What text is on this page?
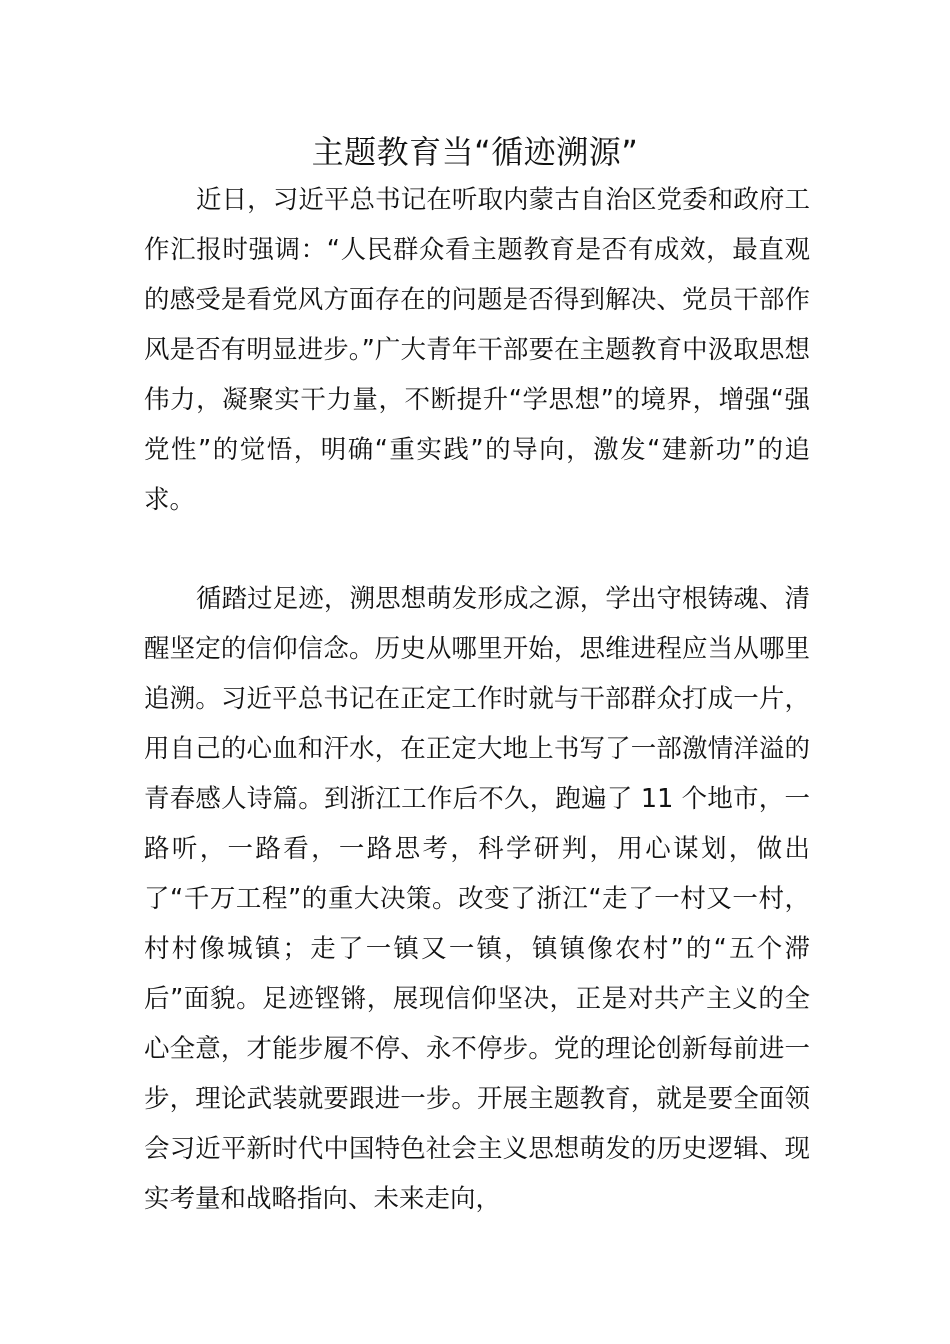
主题教育当“循迹溯源”

近日，习近平总书记在听取内蒙古自治区党委和政府工作汇报时强调：“人民群众看主题教育是否有成效，最直观的感受是看党风方面存在的问题是否得到解决、党员干部作风是否有明显进步。”广大青年干部要在主题教育中汲取思想伟力，凝聚实干力量，不断提升“学思想”的境界，增强“强党性”的觉悟，明确“重实践”的导向，激发“建新功”的追求。

循踏过足迹，溯思想萌发形成之源，学出守根铸魂、清醒坚定的信仰信念。历史从哪里开始，思维进程应当从哪里追溯。习近平总书记在正定工作时就与干部群众打成一片，用自己的心血和汗水，在正定大地上书写了一部激情洋溢的青春感人诗篇。到浙江工作后不久，跑遍了 11 个地市，一路听，一路看，一路思考，科学研判，用心谋划，做出了“千万工程”的重大决策。改变了浙江“走了一村又一村，村村像城镇；走了一镇又一镇，镇镇像农村”的“五个滞后”面貌。足迹铿锵，展现信仰坚决，正是对共产主义的全心全意，才能步履不停、永不停步。党的理论创新每前进一步，理论武装就要跟进一步。开展主题教育，就是要全面领会习近平新时代中国特色社会主义思想萌发的历史逻辑、现实考量和战略指向、未来走向，
